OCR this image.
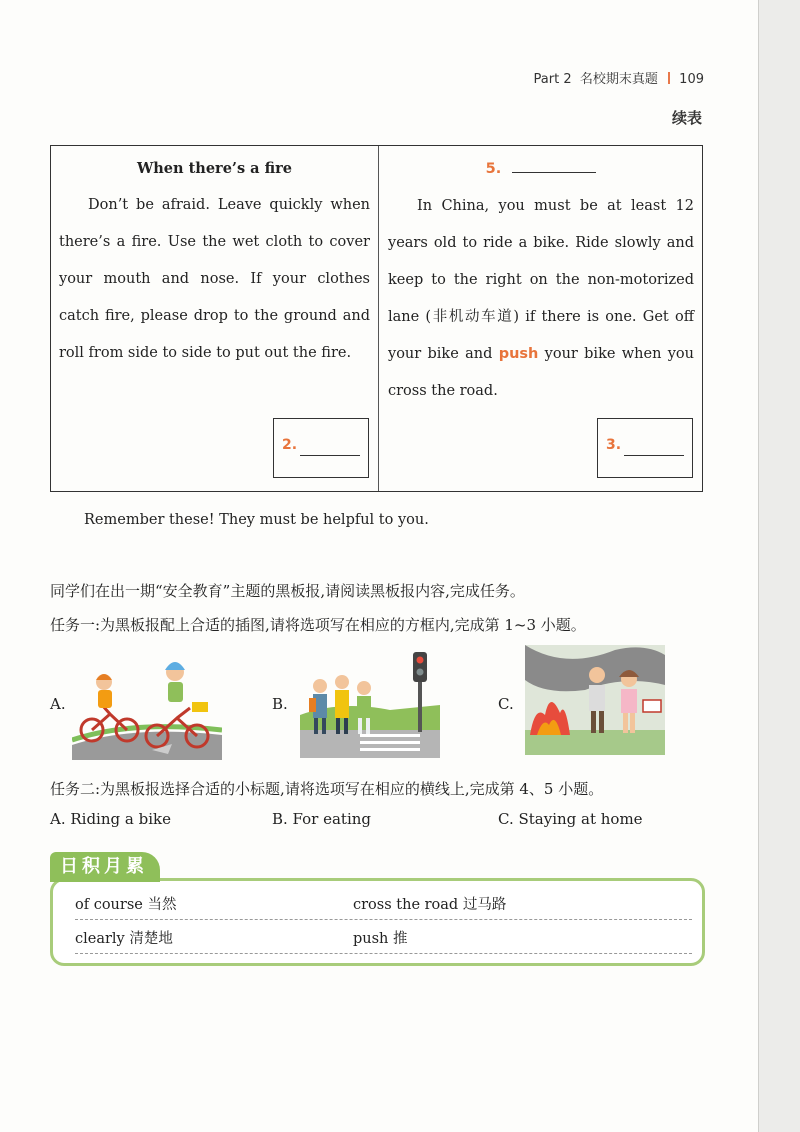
Part 2 名校期末真题 109
续表
When there’s a fire

Don’t be afraid. Leave quickly when there’s a fire. Use the wet cloth to cover your mouth and nose. If your clothes catch fire, please drop to the ground and roll from side to side to put out the fire.

2.
5.

In China, you must be at least 12 years old to ride a bike. Ride slowly and keep to the right on the non-motorized lane (非机动车道) if there is one. Get off your bike and push your bike when you cross the road.

3.
Remember these! They must be helpful to you.
同学们在出一期“安全教育”主题的黑板报,请阅读黑板报内容,完成任务。
任务一:为黑板报配上合适的插图,请将选项写在相应的方框内,完成第 1~3 小题。
A.	B.	C.
任务二:为黑板报选择合适的小标题,请将选项写在相应的横线上,完成第 4、5 小题。
A. Riding a bike	B. For eating	C. Staying at home
of course 当然	cross the road 过马路
clearly 清楚地	push 推
日积月累
